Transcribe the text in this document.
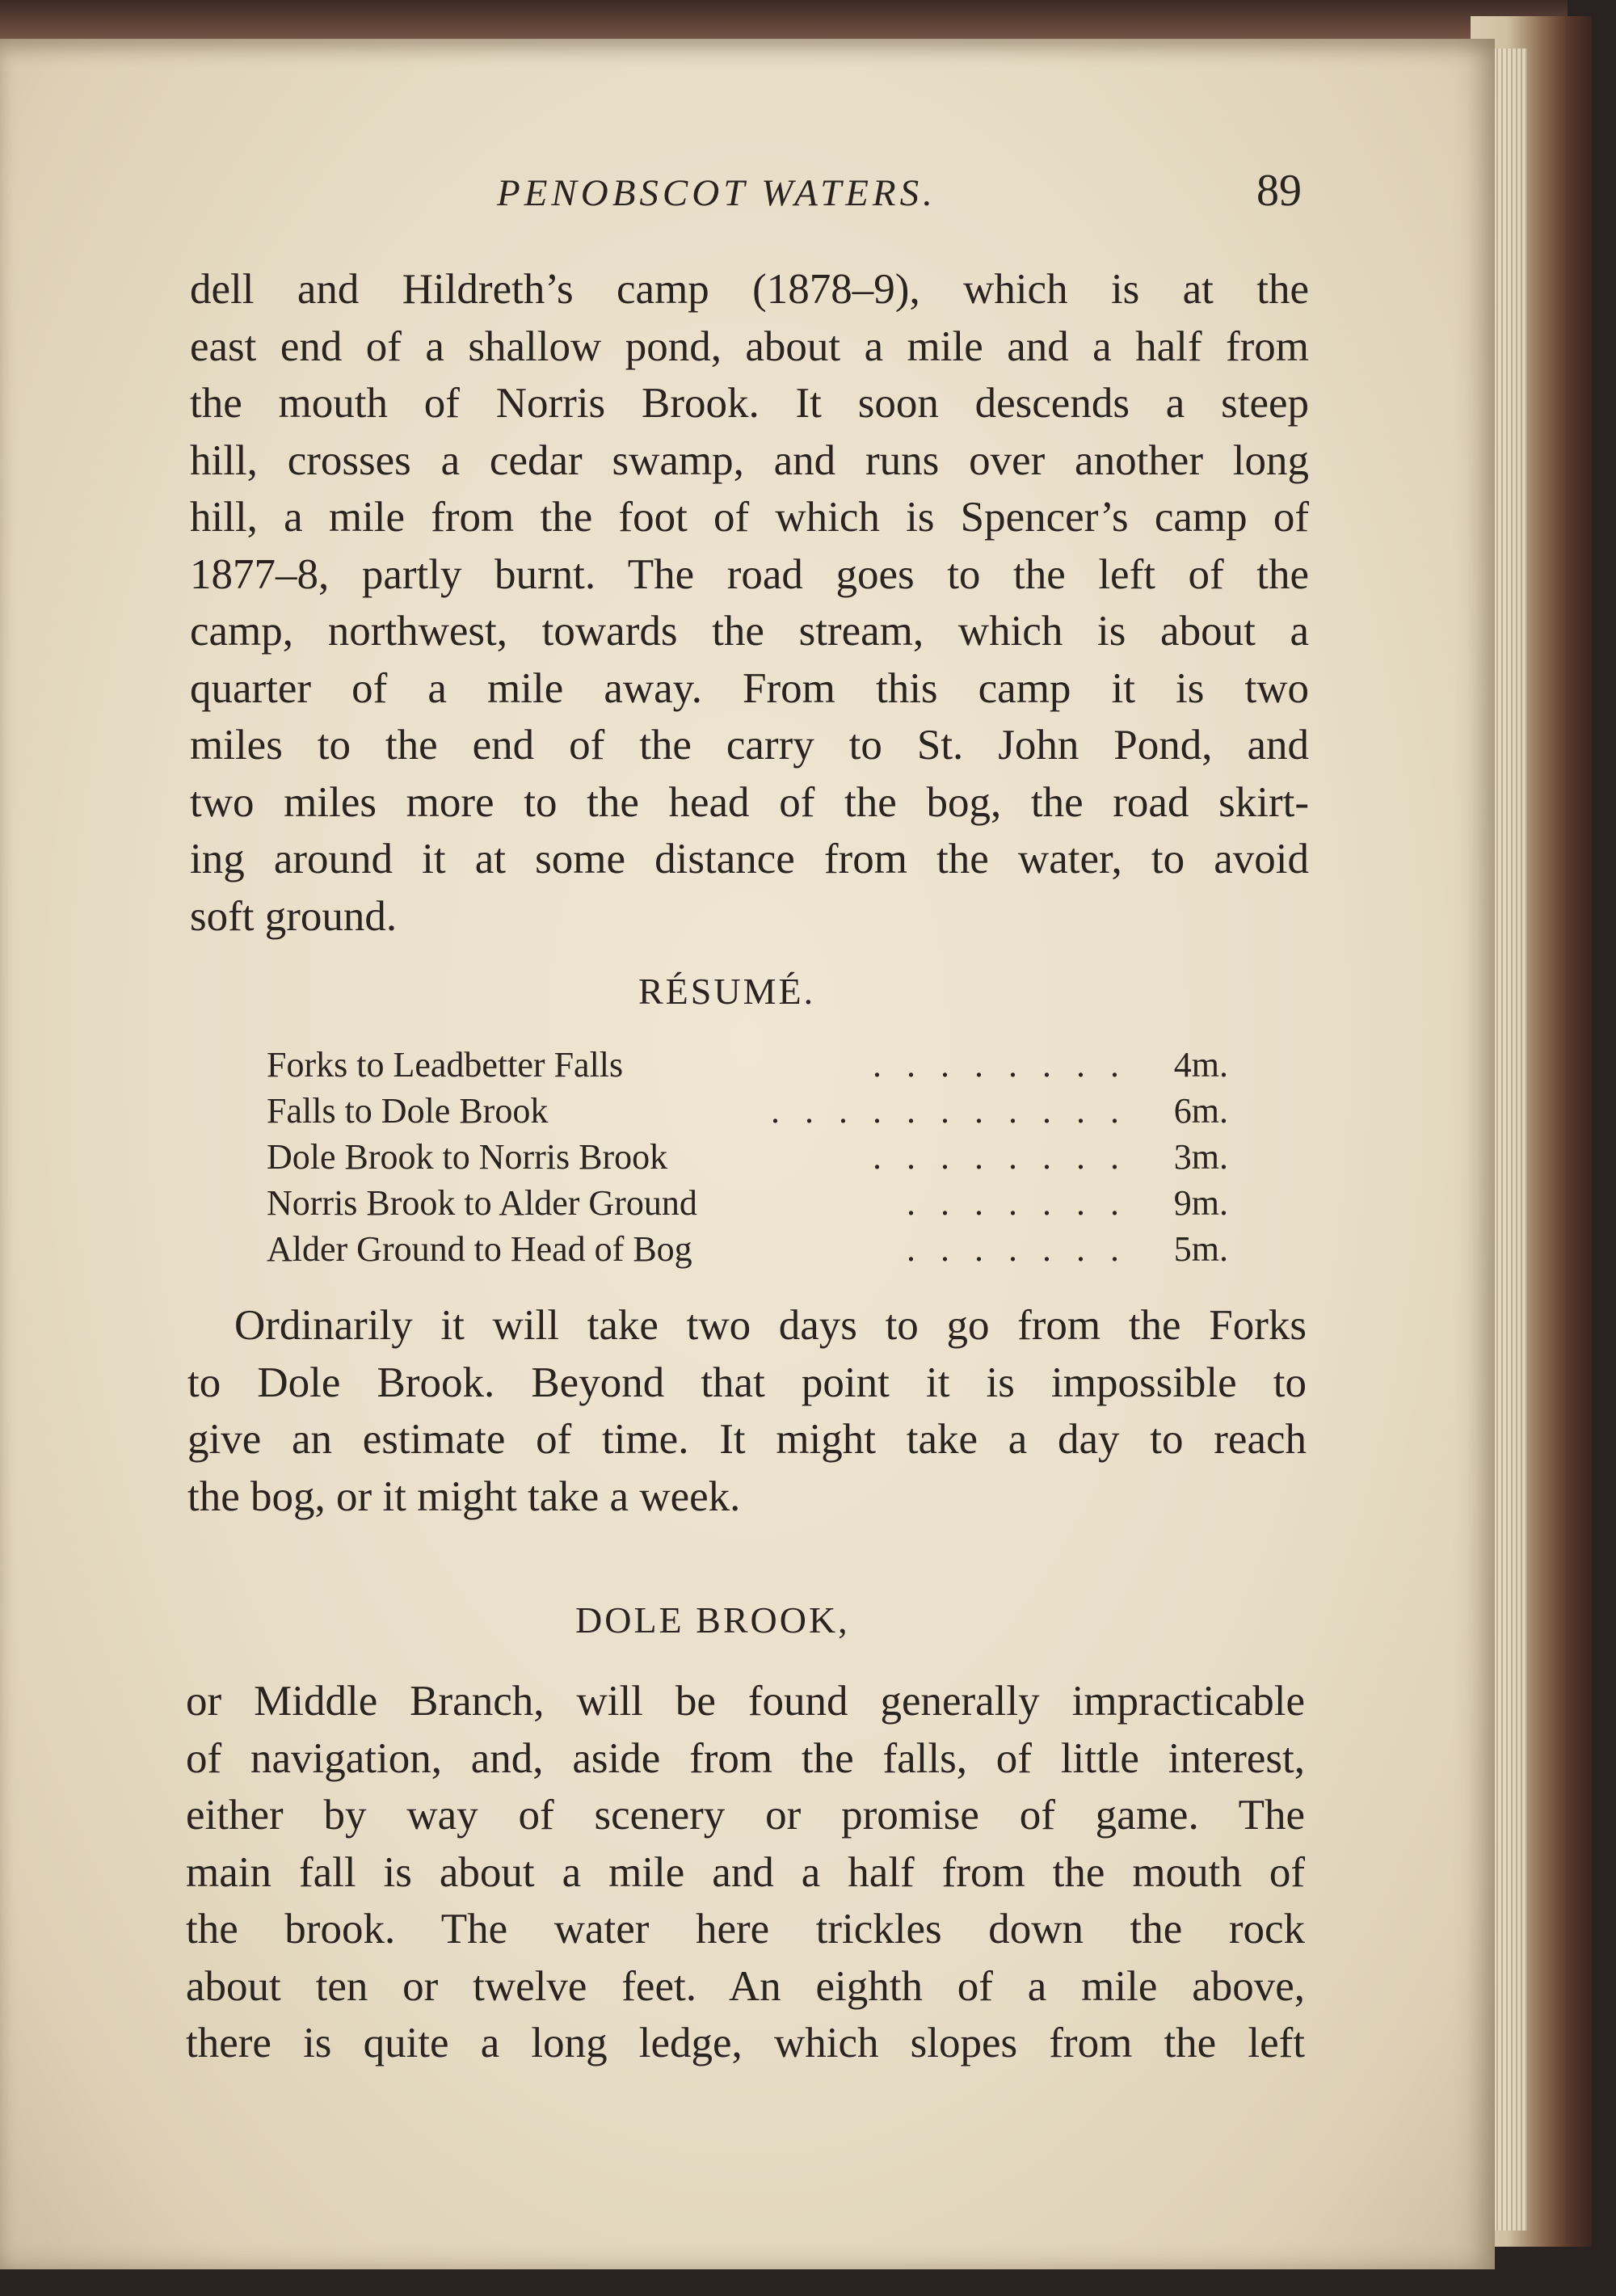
PENOBSCOT WATERS.	89
dell and Hildreth’s camp (1878–9), which is at the
east end of a shallow pond, about a mile and a half from
the mouth of Norris Brook. It soon descends a steep
hill, crosses a cedar swamp, and runs over another long
hill, a mile from the foot of which is Spencer’s camp of
1877–8, partly burnt. The road goes to the left of the
camp, northwest, towards the stream, which is about a
quarter of a mile away. From this camp it is two
miles to the end of the carry to St. John Pond, and
two miles more to the head of the bog, the road skirt-
ing around it at some distance from the water, to avoid
soft ground.
RÉSUMÉ.
Forks to Leadbetter Falls	. . . . . . . . 4m.
Falls to Dole Brook	. . . . . . . . . . . 6m.
Dole Brook to Norris Brook	. . . . . . . . 3m.
Norris Brook to Alder Ground	. . . . . . . 9m.
Alder Ground to Head of Bog	. . . . . . . 5m.
Ordinarily it will take two days to go from the Forks
to Dole Brook. Beyond that point it is impossible to
give an estimate of time. It might take a day to reach
the bog, or it might take a week.
DOLE BROOK,
or Middle Branch, will be found generally impracticable
of navigation, and, aside from the falls, of little interest,
either by way of scenery or promise of game. The
main fall is about a mile and a half from the mouth of
the brook. The water here trickles down the rock
about ten or twelve feet. An eighth of a mile above,
there is quite a long ledge, which slopes from the left
